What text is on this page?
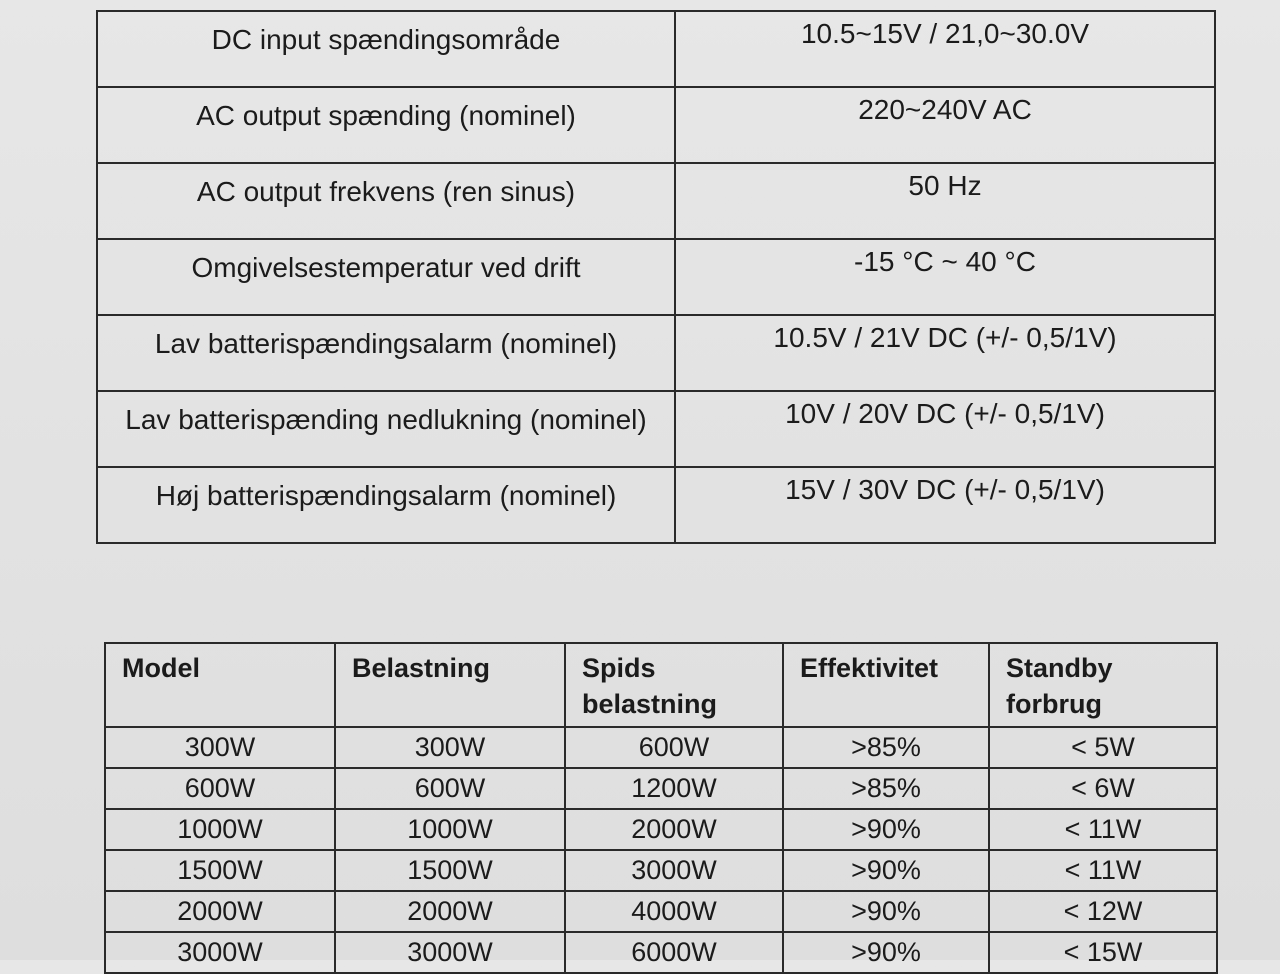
DC input spændingsområde	10.5~15V / 21,0~30.0V
AC output spænding (nominel)	220~240V AC
AC output frekvens (ren sinus)	50 Hz
Omgivelsestemperatur ved drift	-15 °C ~ 40 °C
Lav batterispændingsalarm (nominel)	10.5V / 21V DC (+/- 0,5/1V)
Lav batterispænding nedlukning (nominel)	10V / 20V DC (+/- 0,5/1V)
Høj batterispændingsalarm (nominel)	15V / 30V DC (+/- 0,5/1V)
Model	Belastning	Spids belastning	Effektivitet	Standby forbrug
300W	300W	600W	>85%	< 5W
600W	600W	1200W	>85%	< 6W
1000W	1000W	2000W	>90%	< 11W
1500W	1500W	3000W	>90%	< 11W
2000W	2000W	4000W	>90%	< 12W
3000W	3000W	6000W	>90%	< 15W
